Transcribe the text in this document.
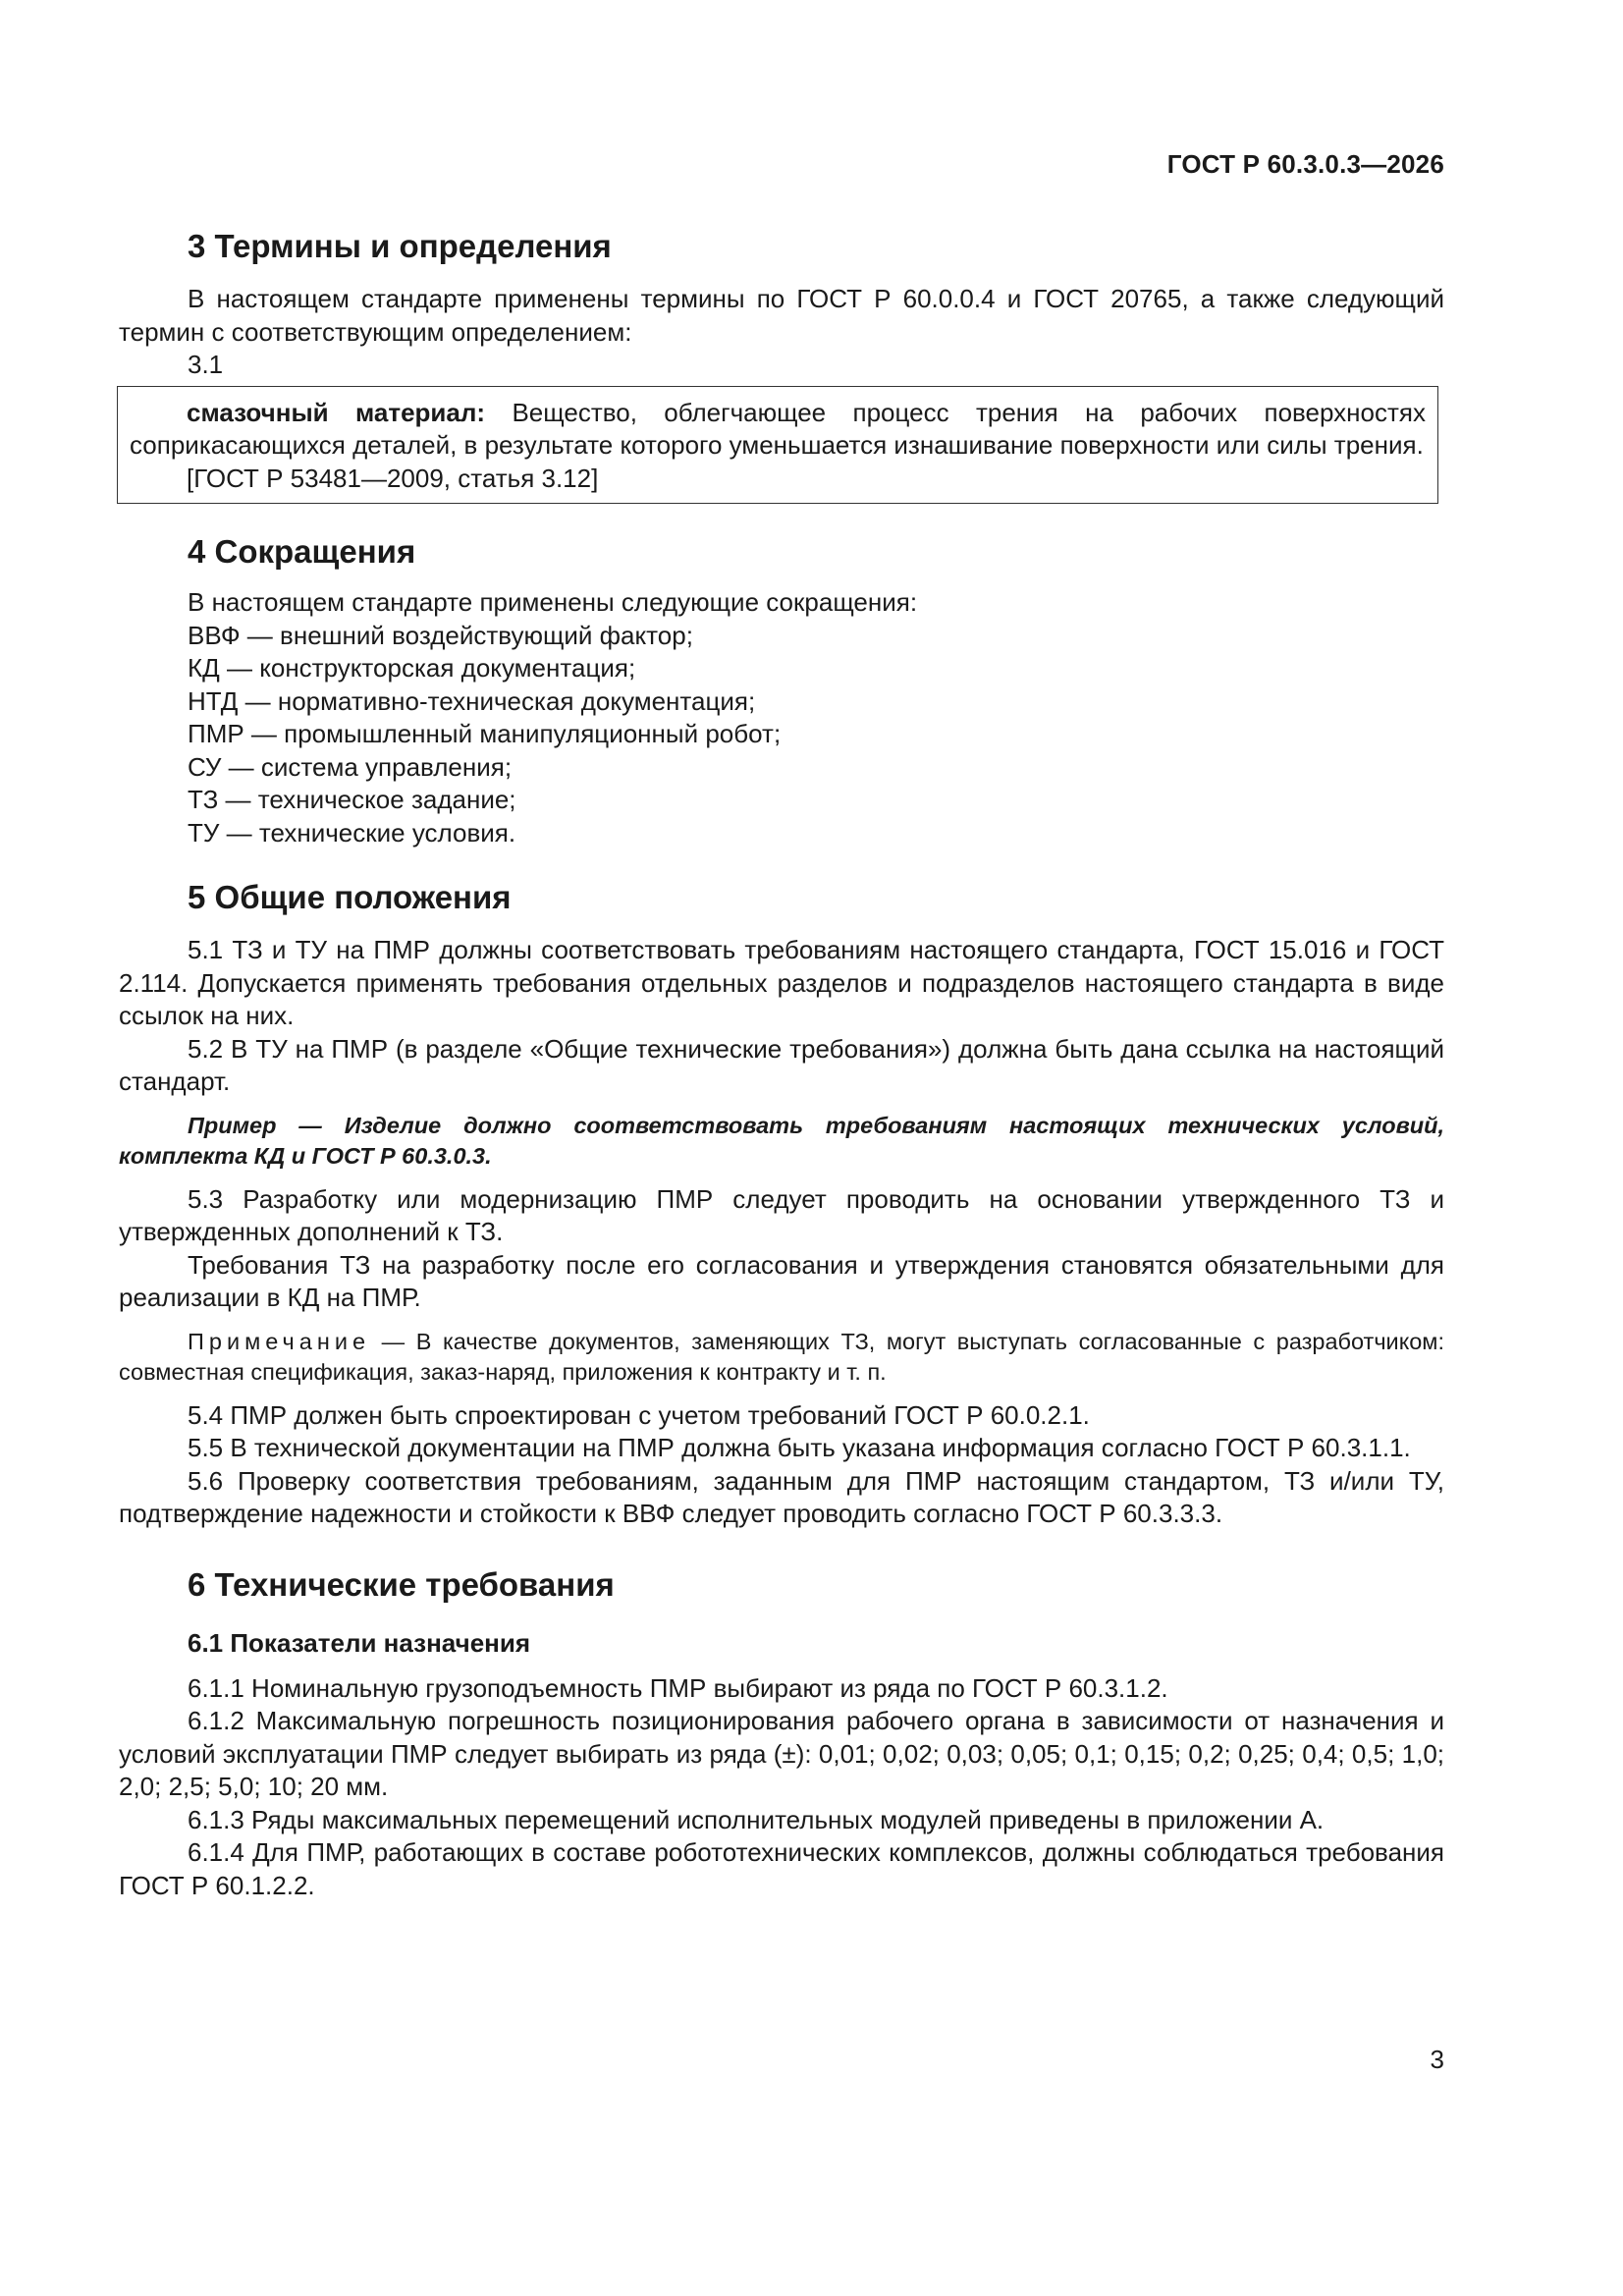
ГОСТ Р 60.3.0.3—2026
3 Термины и определения

В настоящем стандарте применены термины по ГОСТ Р 60.0.0.4 и ГОСТ 20765, а также следующий термин с соответствующим определением:

3.1

смазочный материал: Вещество, облегчающее процесс трения на рабочих поверхностях соприкасающихся деталей, в результате которого уменьшается изнашивание поверхности или силы трения.

[ГОСТ Р 53481—2009, статья 3.12]

4 Сокращения

В настоящем стандарте применены следующие сокращения:

ВВФ — внешний воздействующий фактор;
КД — конструкторская документация;
НТД — нормативно-техническая документация;
ПМР — промышленный манипуляционный робот;
СУ — система управления;
ТЗ — техническое задание;
ТУ — технические условия.
5 Общие положения

5.1 ТЗ и ТУ на ПМР должны соответствовать требованиям настоящего стандарта, ГОСТ 15.016 и ГОСТ 2.114. Допускается применять требования отдельных разделов и подразделов настоящего стандарта в виде ссылок на них.

5.2 В ТУ на ПМР (в разделе «Общие технические требования») должна быть дана ссылка на настоящий стандарт.

Пример — Изделие должно соответствовать требованиям настоящих технических условий, комплекта КД и ГОСТ Р 60.3.0.3.

5.3 Разработку или модернизацию ПМР следует проводить на основании утвержденного ТЗ и утвержденных дополнений к ТЗ.

Требования ТЗ на разработку после его согласования и утверждения становятся обязательными для реализации в КД на ПМР.

Примечание — В качестве документов, заменяющих ТЗ, могут выступать согласованные с разработчиком: совместная спецификация, заказ-наряд, приложения к контракту и т. п.

5.4 ПМР должен быть спроектирован с учетом требований ГОСТ Р 60.0.2.1.

5.5 В технической документации на ПМР должна быть указана информация согласно ГОСТ Р 60.3.1.1.

5.6 Проверку соответствия требованиям, заданным для ПМР настоящим стандартом, ТЗ и/или ТУ, подтверждение надежности и стойкости к ВВФ следует проводить согласно ГОСТ Р 60.3.3.3.

6 Технические требования
6.1 Показатели назначения

6.1.1 Номинальную грузоподъемность ПМР выбирают из ряда по ГОСТ Р 60.3.1.2.

6.1.2 Максимальную погрешность позиционирования рабочего органа в зависимости от назначения и условий эксплуатации ПМР следует выбирать из ряда (±): 0,01; 0,02; 0,03; 0,05; 0,1; 0,15; 0,2; 0,25; 0,4; 0,5; 1,0; 2,0; 2,5; 5,0; 10; 20 мм.

6.1.3 Ряды максимальных перемещений исполнительных модулей приведены в приложении А.

6.1.4 Для ПМР, работающих в составе робототехнических комплексов, должны соблюдаться требования ГОСТ Р 60.1.2.2.

3
